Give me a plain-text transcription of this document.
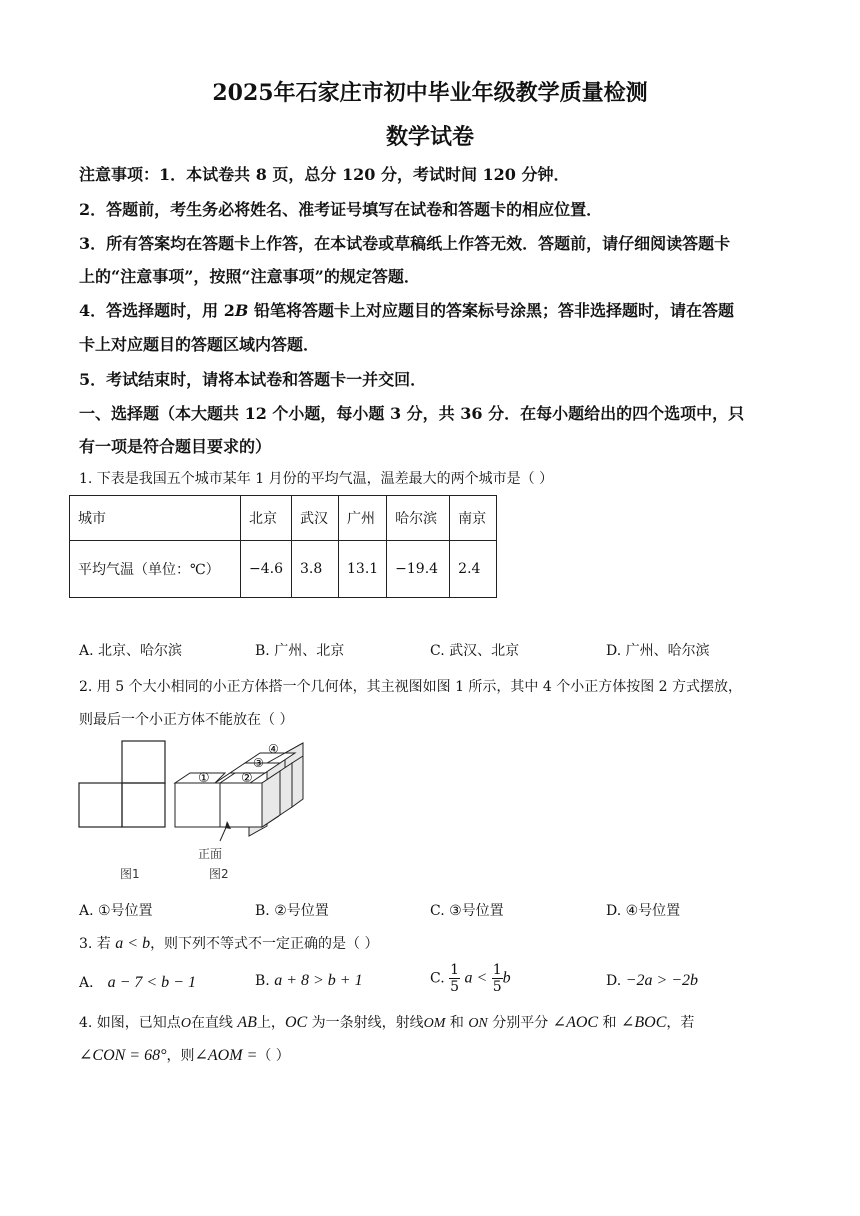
2025年石家庄市初中毕业年级教学质量检测
数学试卷
注意事项：1．本试卷共 8 页，总分 120 分，考试时间 120 分钟．
2．答题前，考生务必将姓名、准考证号填写在试卷和答题卡的相应位置．
3．所有答案均在答题卡上作答，在本试卷或草稿纸上作答无效．答题前，请仔细阅读答题卡
上的“注意事项”，按照“注意事项”的规定答题．
4．答选择题时，用 2B 铅笔将答题卡上对应题目的答案标号涂黑；答非选择题时，请在答题
卡上对应题目的答题区域内答题．
5．考试结束时，请将本试卷和答题卡一并交回．
一、选择题（本大题共 12 个小题，每小题 3 分，共 36 分．在每小题给出的四个选项中，只
有一项是符合题目要求的）
1. 下表是我国五个城市某年 1 月份的平均气温，温差最大的两个城市是（ ）
城市	北京	武汉	广州	哈尔滨	南京
平均气温（单位：℃）	−4.6	3.8	13.1	−19.4	2.4
A. 北京、哈尔滨	B. 广州、北京	C. 武汉、北京	D. 广州、哈尔滨
2. 用 5 个大小相同的小正方体搭一个几何体，其主视图如图 1 所示，其中 4 个小正方体按图 2 方式摆放，
则最后一个小正方体不能放在（ ）
① ②
③
④
正面
图1	图2
A. ①号位置	B. ②号位置	C. ③号位置	D. ④号位置
3. 若 a < b，则下列不等式不一定正确的是（ ）
A． a − 7 < b − 1	B. a + 8 > b + 1	C. $\frac{1}{5}$ $a < \frac{1}{5}$ b	D. −2a > −2b
4. 如图，已知点O在直线 AB上，OC 为一条射线，射线OM 和 ON 分别平分 ∠AOC 和 ∠BOC，若
∠CON = 68°，则∠AOM =（ ）
